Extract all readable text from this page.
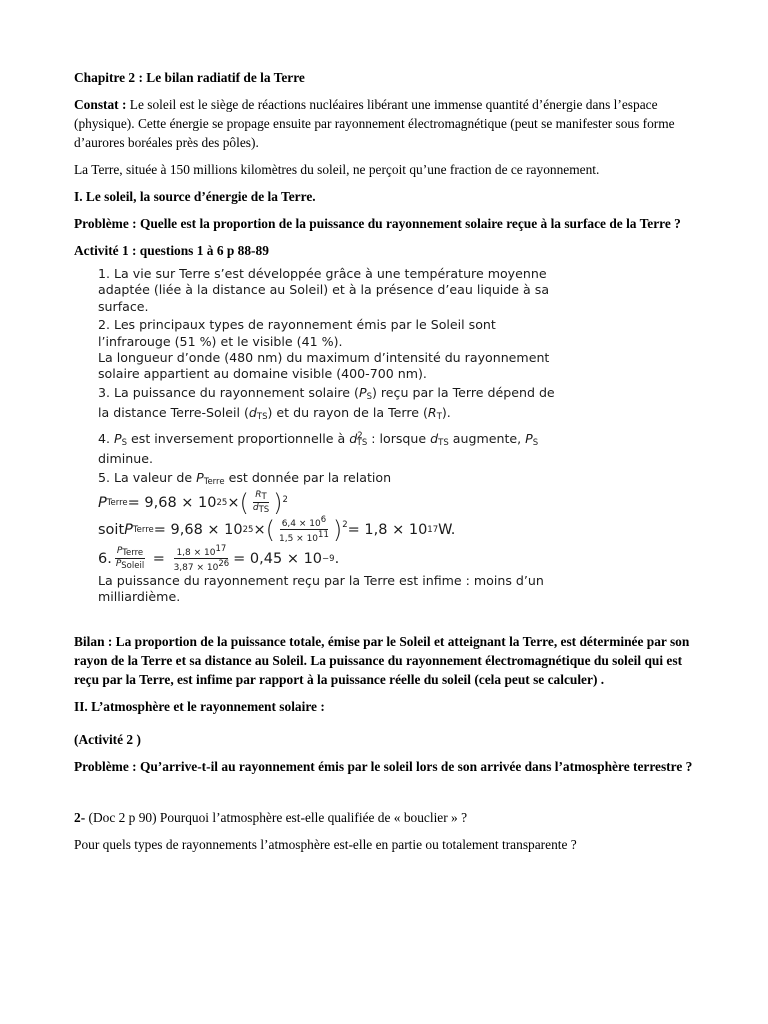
Chapitre 2 : Le bilan radiatif de la Terre

Constat : Le soleil est le siège de réactions nucléaires libérant une immense quantité d’énergie dans l’espace (physique). Cette énergie se propage ensuite par rayonnement électromagnétique (peut se manifester sous forme d’aurores boréales près des pôles).

La Terre, située à 150 millions kilomètres du soleil, ne perçoit qu’une fraction de ce rayonnement.

I. Le soleil, la source d’énergie de la Terre.

Problème : Quelle est la proportion de la puissance du rayonnement solaire reçue à la surface de la Terre ?

Activité 1 : questions 1 à 6 p 88-89

1. La vie sur Terre s’est développée grâce à une température moyenne adaptée (liée à la distance au Soleil) et à la présence d’eau liquide à sa surface.
2. Les principaux types de rayonnement émis par le Soleil sont l’infrarouge (51 %) et le visible (41 %).
La longueur d’onde (480 nm) du maximum d’intensité du rayonnement solaire appartient au domaine visible (400-700 nm).
3. La puissance du rayonnement solaire $(P_S)$ reçu par la Terre dépend de la distance Terre-Soleil $(d_{TS})$ et du rayon de la Terre $(R_T)$.
4. $P_S$ est inversement proportionnelle à $d^2_{TS}$ : lorsque $d_{TS}$ augmente, $P_S$ diminue.
5. La valeur de $P_{Terre}$ est donnée par la relation
P Terre = 9,68 × 10 25 × ( $\frac{R_T}{d_{TS}}$ ) 2
soit P Terre = 9,68 × 10 25 × ( $\frac{6,4 \times 10^6}{1,5 \times 10^{11}} )^2 = 1,8 \times 10$ 17 W.
6. $\frac{P_{Terre}}{P_{Soleil}} = \frac{1,8 \times 10^{17}}{3,87 \times 10^{26}} = 0,45 \times 10 -9$ .
La puissance du rayonnement reçu par la Terre est infime : moins d’un milliardième.

Bilan : La proportion de la puissance totale, émise par le Soleil et atteignant la Terre, est déterminée par son rayon de la Terre et sa distance au Soleil. La puissance du rayonnement électromagnétique du soleil qui est reçu par la Terre, est infime par rapport à la puissance réelle du soleil (cela peut se calculer) .

II. L’atmosphère et le rayonnement solaire :

(Activité 2 )

Problème : Qu’arrive-t-il au rayonnement émis par le soleil lors de son arrivée dans l’atmosphère terrestre ?

2- (Doc 2 p 90) Pourquoi l’atmosphère est-elle qualifiée de « bouclier » ?

Pour quels types de rayonnements l’atmosphère est-elle en partie ou totalement transparente ?
